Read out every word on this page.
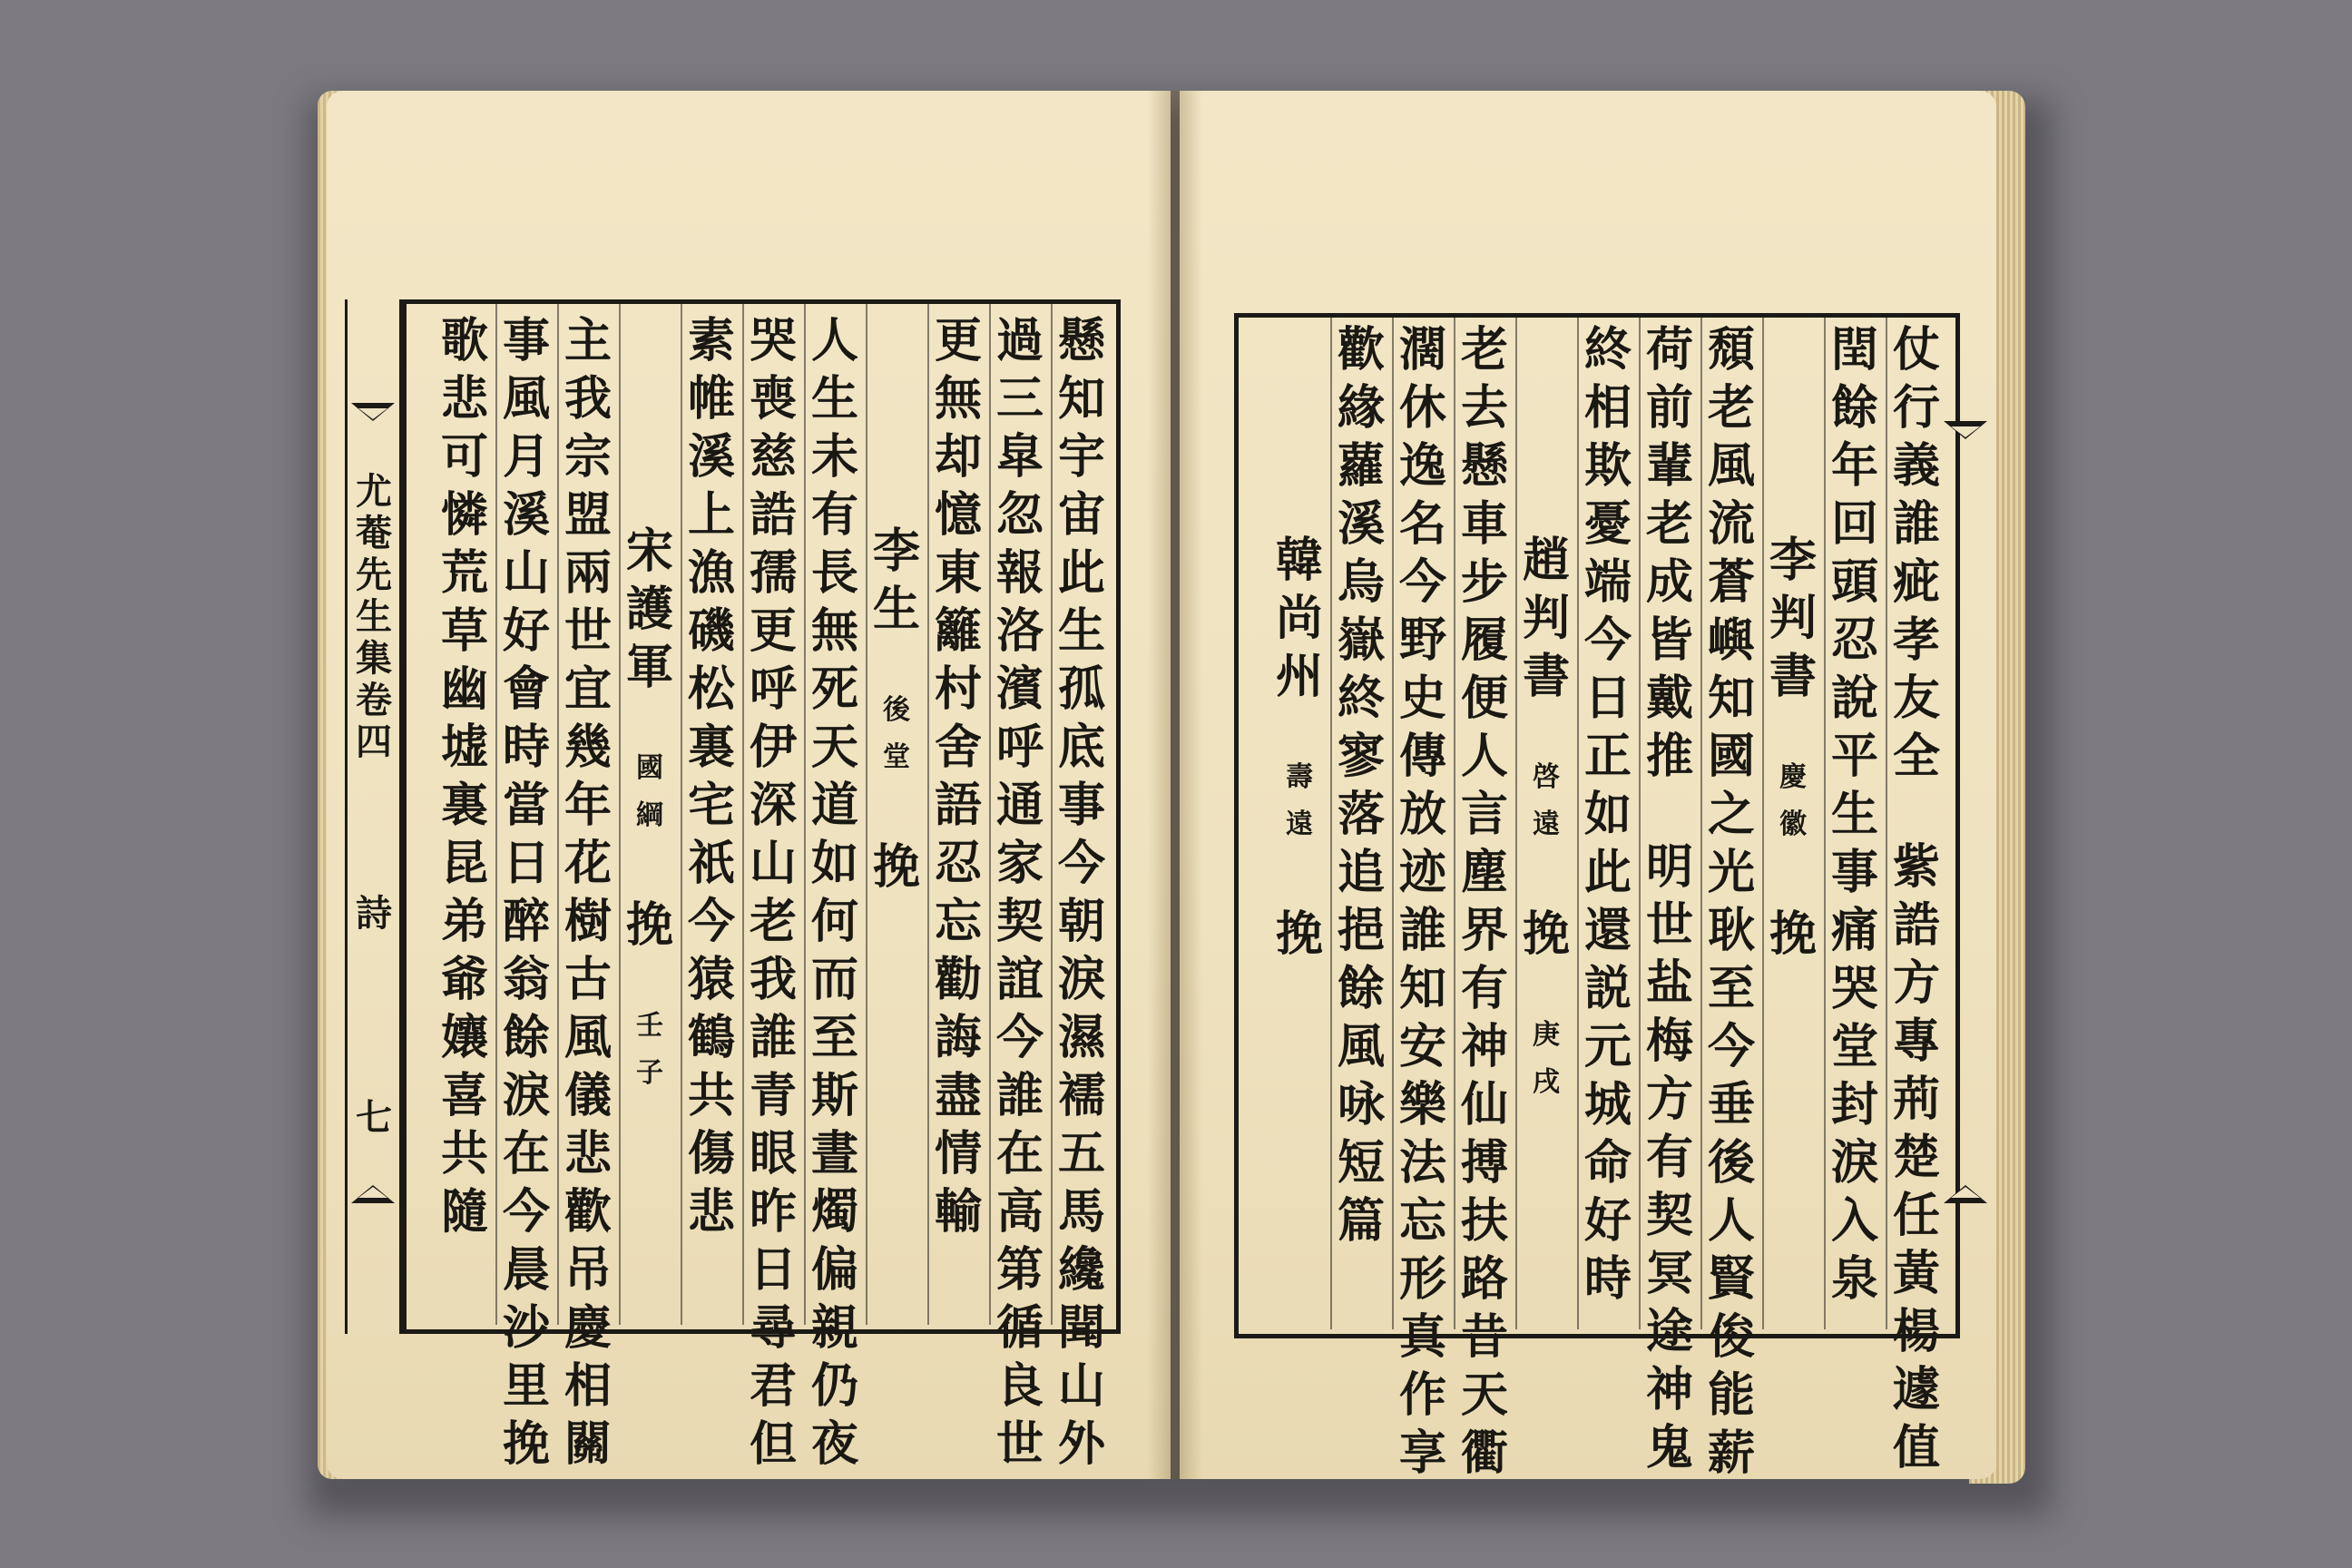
尤
菴
先
生
集
卷
四
詩
七
懸
知
宇
宙
此
生
孤
底
事
今
朝
淚
濕
襦
五
馬
纔
聞
山
外
過
三
皐
忽
報
洛
濱
呼
通
家
契
誼
今
誰
在
高
第
循
良
世
更
無
却
憶
東
籬
村
舍
語
忍
忘
勸
誨
盡
情
輸
李
生
後
堂
挽
人
生
未
有
長
無
死
天
道
如
何
而
至
斯
晝
燭
偏
親
仍
夜
哭
喪
慈
誥
孺
更
呼
伊
深
山
老
我
誰
青
眼
昨
日
尋
君
但
素
帷
溪
上
漁
磯
松
裏
宅
祇
今
猿
鶴
共
傷
悲
宋
護
軍
國
綱
挽
壬
子
主
我
宗
盟
兩
世
宜
幾
年
花
樹
古
風
儀
悲
歡
吊
慶
相
關
事
風
月
溪
山
好
會
時
當
日
醉
翁
餘
淚
在
今
晨
沙
里
挽
歌
悲
可
憐
荒
草
幽
墟
裏
昆
弟
爺
孃
喜
共
隨
仗
行
義
誰
疵
孝
友
全
紫
誥
方
專
荊
楚
任
黃
楊
遽
值
閏
餘
年
回
頭
忍
說
平
生
事
痛
哭
堂
封
淚
入
泉
李
判
書
慶
徽
挽
頹
老
風
流
蒼
嶼
知
國
之
光
耿
至
今
垂
後
人
賢
俊
能
薪
荷
前
輩
老
成
皆
戴
推
明
世
盐
梅
方
有
契
冥
途
神
鬼
終
相
欺
憂
端
今
日
正
如
此
還
説
元
城
命
好
時
趙
判
書
啓
遠
挽
庚
戌
老
去
懸
車
步
履
便
人
言
塵
界
有
神
仙
搏
扶
路
昔
天
衢
濶
休
逸
名
今
野
史
傳
放
迹
誰
知
安
樂
法
忘
形
真
作
享
歡
緣
蘿
溪
烏
嶽
終
寥
落
追
挹
餘
風
咏
短
篇
韓
尚
州
壽
遠
挽
